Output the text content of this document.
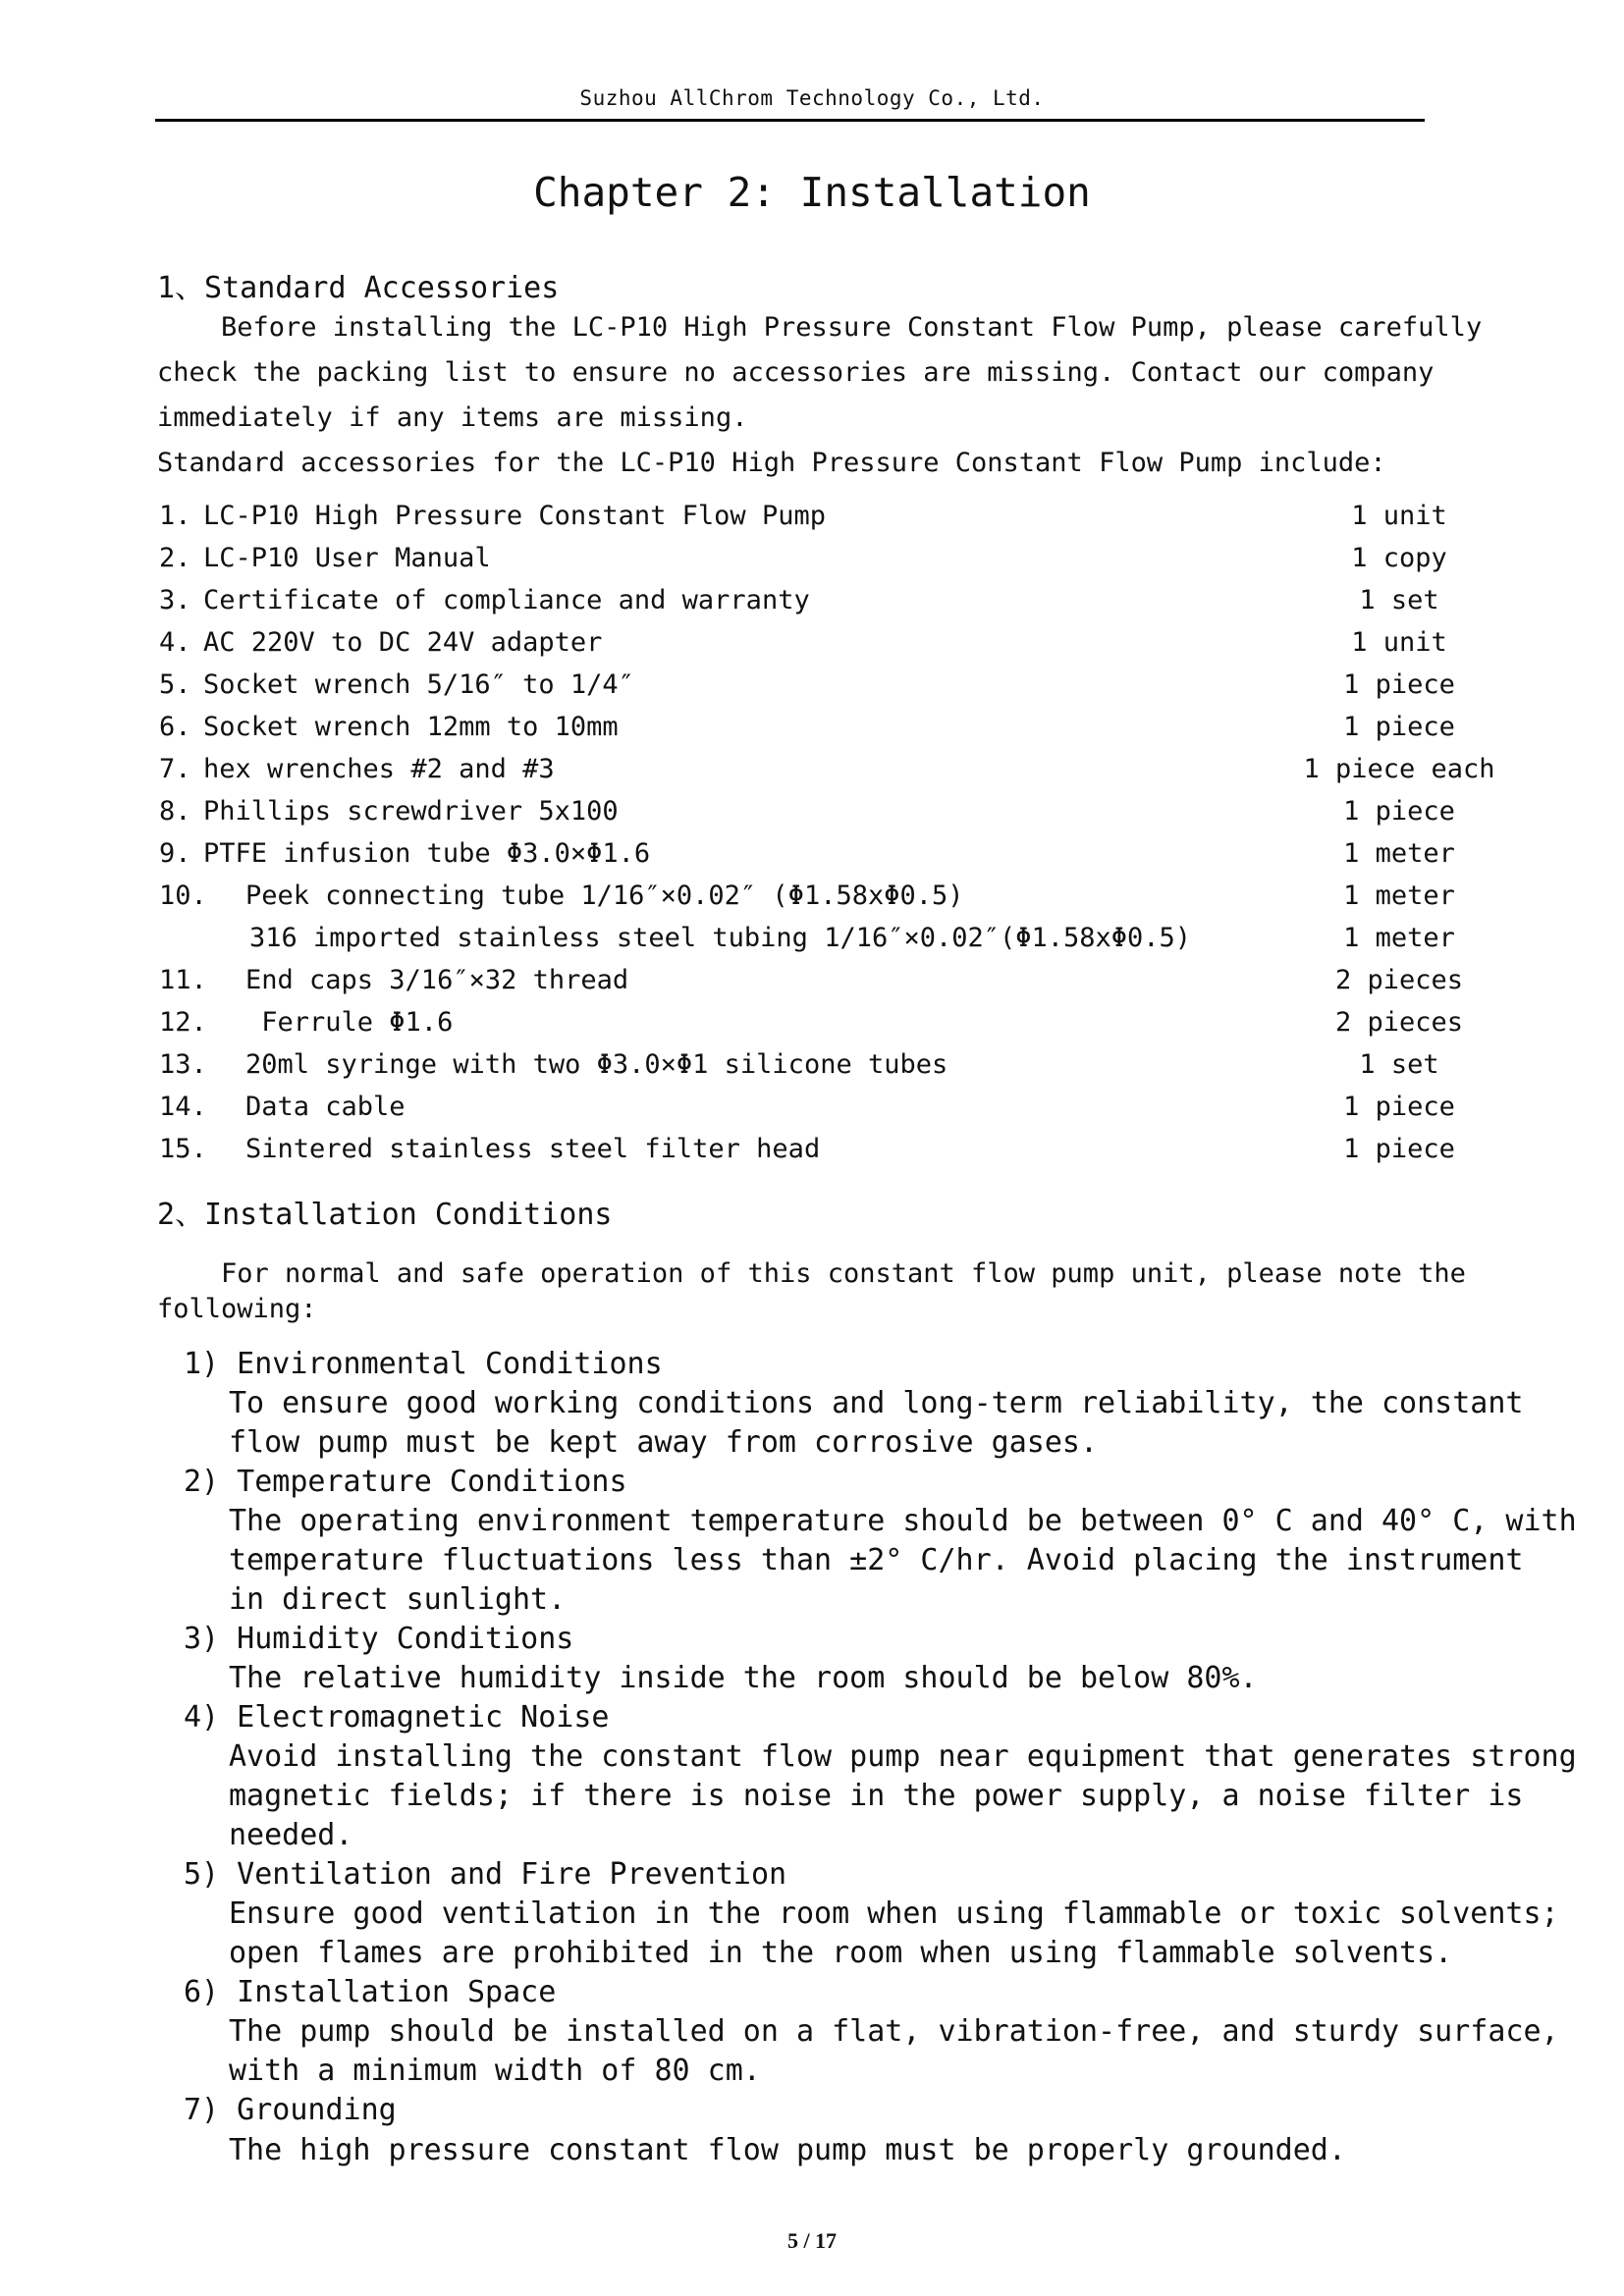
Suzhou AllChrom Technology Co., Ltd.
Chapter 2: Installation
1、Standard Accessories
Before installing the LC-P10 High Pressure Constant Flow Pump, please carefully
check the packing list to ensure no accessories are missing. Contact our company
immediately if any items are missing.
Standard accessories for the LC-P10 High Pressure Constant Flow Pump include:
1. LC-P10 High Pressure Constant Flow Pump	1 unit
2. LC-P10 User Manual	1 copy
3. Certificate of compliance and warranty	1 set
4. AC 220V to DC 24V adapter	1 unit
5. Socket wrench 5/16″ to 1/4″	1 piece
6. Socket wrench 12mm to 10mm	1 piece
7. hex wrenches #2 and #3	1 piece each
8. Phillips screwdriver 5x100	1 piece
9. PTFE infusion tube Φ3.0×Φ1.6	1 meter
10. Peek connecting tube 1/16″×0.02″ (Φ1.58xΦ0.5)	1 meter
316 imported stainless steel tubing 1/16″×0.02″(Φ1.58xΦ0.5)	1 meter
11. End caps 3/16″×32 thread	2 pieces
12. Ferrule Φ1.6	2 pieces
13. 20ml syringe with two Φ3.0×Φ1 silicone tubes	1 set
14. Data cable	1 piece
15. Sintered stainless steel filter head	1 piece
2、Installation Conditions
For normal and safe operation of this constant flow pump unit, please note the
following:
1) Environmental Conditions
To ensure good working conditions and long-term reliability, the constant
flow pump must be kept away from corrosive gases.
2) Temperature Conditions
The operating environment temperature should be between 0° C and 40° C, with
temperature fluctuations less than ±2° C/hr. Avoid placing the instrument
in direct sunlight.
3) Humidity Conditions
The relative humidity inside the room should be below 80%.
4) Electromagnetic Noise
Avoid installing the constant flow pump near equipment that generates strong
magnetic fields; if there is noise in the power supply, a noise filter is
needed.
5) Ventilation and Fire Prevention
Ensure good ventilation in the room when using flammable or toxic solvents;
open flames are prohibited in the room when using flammable solvents.
6) Installation Space
The pump should be installed on a flat, vibration-free, and sturdy surface,
with a minimum width of 80 cm.
7) Grounding
The high pressure constant flow pump must be properly grounded.
5 / 17
